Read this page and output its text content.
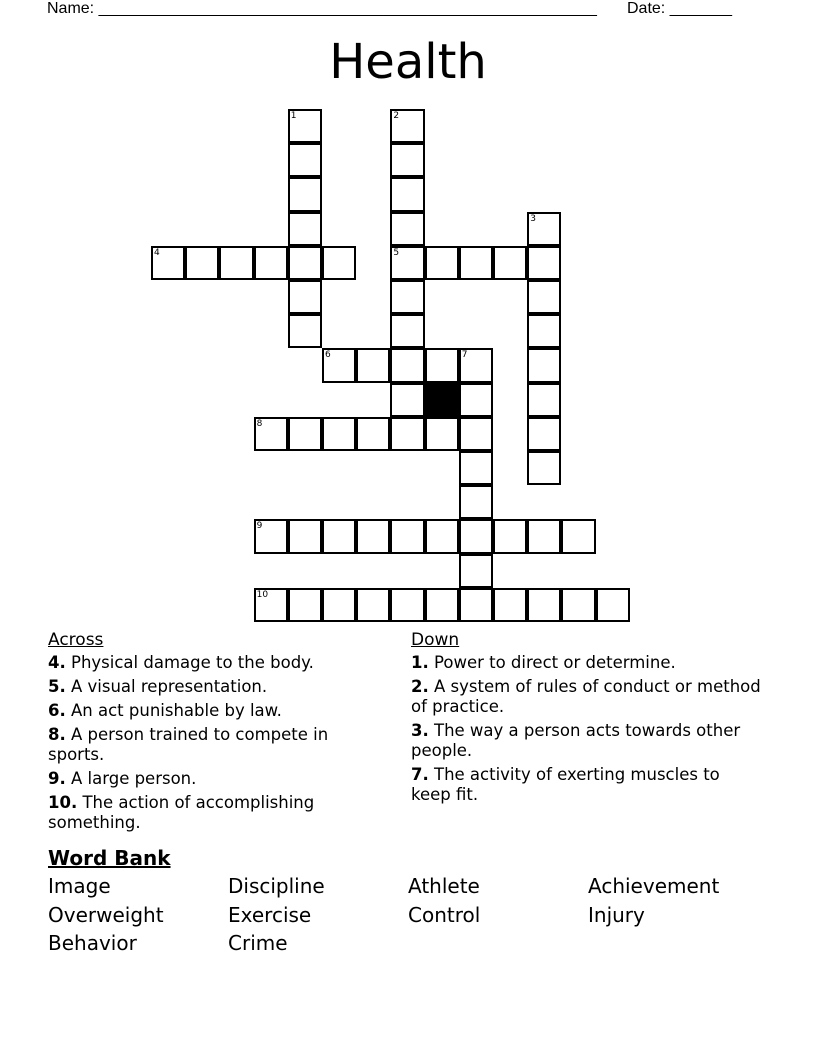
Name: ________________________________________________________ Date: _______
Health
1	2
5
3
4
6	7
8
9
10
Across
4. Physical damage to the body.
5. A visual representation.
6. An act punishable by law.
8. A person trained to compete in sports.
9. A large person.
10. The action of accomplishing something.
Down
1. Power to direct or determine.
2. A system of rules of conduct or method of practice.
3. The way a person acts towards other people.
7. The activity of exerting muscles to keep fit.
Word Bank
Image	Discipline	Athlete	Achievement
Overweight	Exercise	Control	Injury
Behavior	Crime
